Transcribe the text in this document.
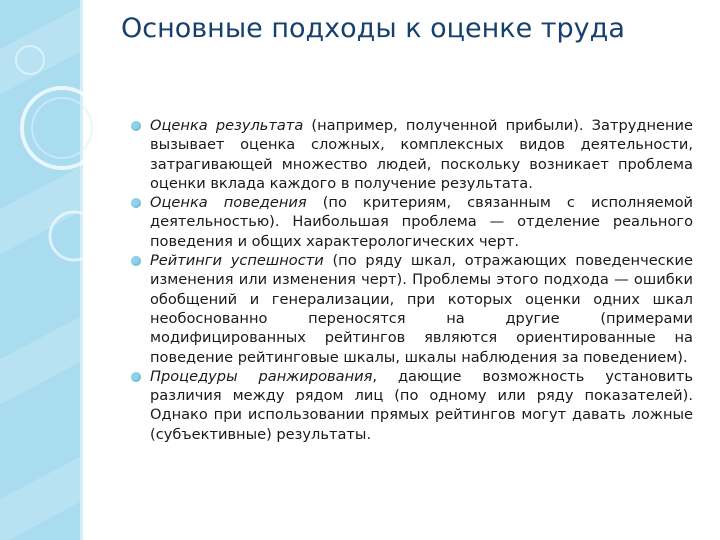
Основные подходы к оценке труда
Оценка результата (например, полученной прибыли). Затруднение вызывает оценка сложных, комплексных видов деятельности, затрагивающей множество людей, поскольку возникает проблема оценки вклада каждого в получение результата.
Оценка поведения (по критериям, связанным с исполняемой деятельностью). Наибольшая проблема — отделение реального поведения и общих характерологических черт.
Рейтинги успешности (по ряду шкал, отражающих поведенческие изменения или изменения черт). Проблемы этого подхода — ошибки обобщений и генерализации, при которых оценки одних шкал необоснованно переносятся на другие (примерами модифицированных рейтингов являются ориентированные на поведение рейтинговые шкалы, шкалы наблюдения за поведением).
Процедуры ранжирования, дающие возможность установить различия между рядом лиц (по одному или ряду показателей). Однако при использовании прямых рейтингов могут давать ложные (субъективные) результаты.
